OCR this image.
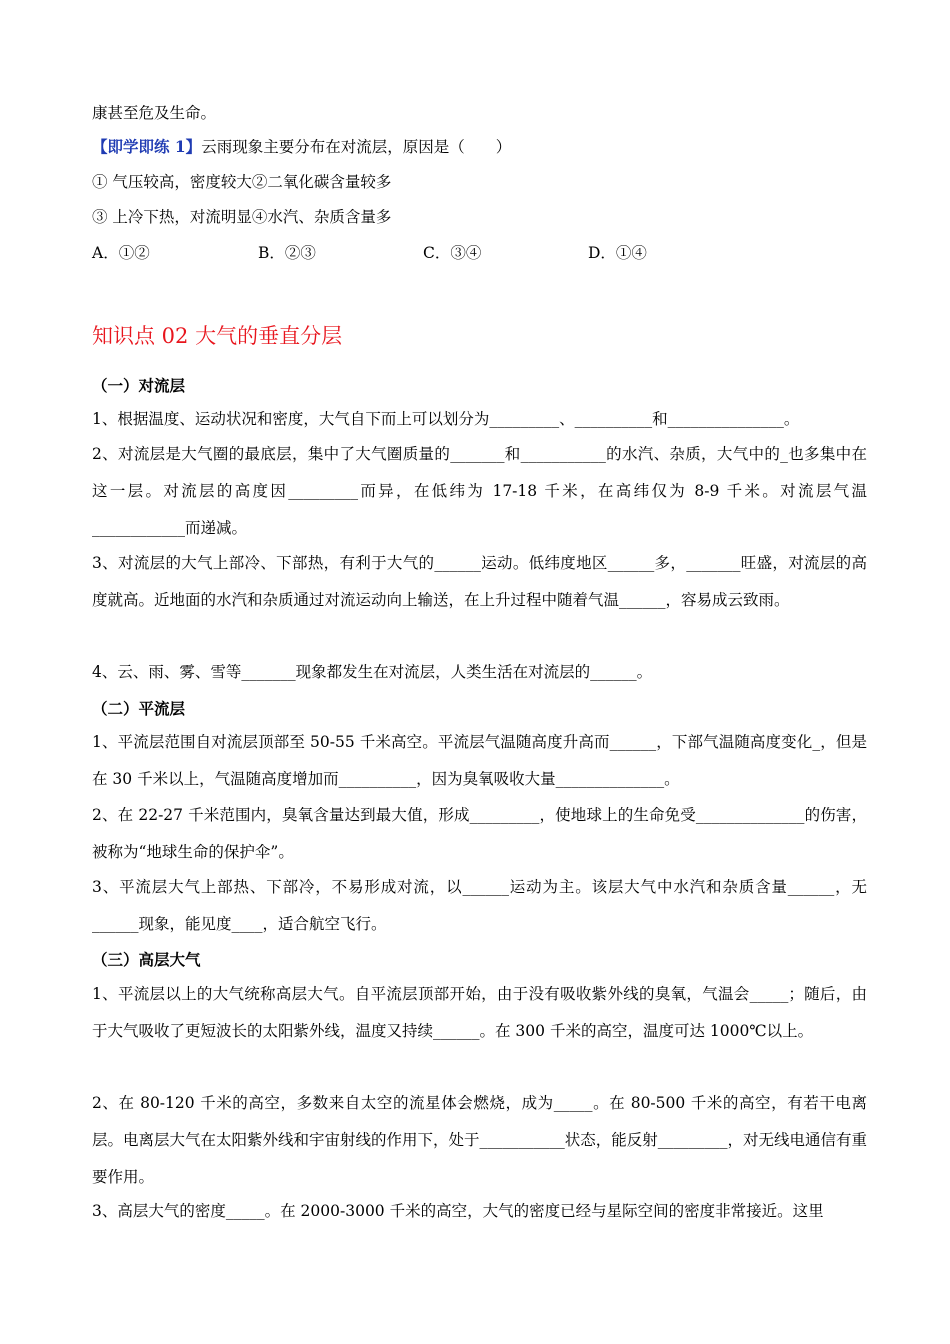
康甚至危及生命。
【即学即练 1】云雨现象主要分布在对流层，原因是（　　）
① 气压较高，密度较大②二氧化碳含量较多
③ 上冷下热，对流明显④水汽、杂质含量多
A．①②	B．②③	C．③④	D．①④
知识点 02 大气的垂直分层
（一）对流层
1、根据温度、运动状况和密度，大气自下而上可以划分为_________、__________和_______________。
2、对流层是大气圈的最底层，集中了大气圈质量的_______和___________的水汽、杂质，大气中的_也多集中在这一层。对流层的高度因_________而异，在低纬为 17-18 千米，在高纬仅为 8-9 千米。对流层气温____________而递减。
3、对流层的大气上部冷、下部热，有利于大气的______运动。低纬度地区______多，_______旺盛，对流层的高度就高。近地面的水汽和杂质通过对流运动向上输送，在上升过程中随着气温______，容易成云致雨。
4、云、雨、雾、雪等_______现象都发生在对流层，人类生活在对流层的______。
（二）平流层
1、平流层范围自对流层顶部至 50-55 千米高空。平流层气温随高度升高而______，下部气温随高度变化_，但是在 30 千米以上，气温随高度增加而__________，因为臭氧吸收大量______________。
2、在 22-27 千米范围内，臭氧含量达到最大值，形成_________，使地球上的生命免受______________的伤害，被称为“地球生命的保护伞”。
3、平流层大气上部热、下部冷，不易形成对流，以______运动为主。该层大气中水汽和杂质含量______，无______现象，能见度____，适合航空飞行。
（三）高层大气
1、平流层以上的大气统称高层大气。自平流层顶部开始，由于没有吸收紫外线的臭氧，气温会_____；随后，由于大气吸收了更短波长的太阳紫外线，温度又持续______。在 300 千米的高空，温度可达 1000℃以上。
2、在 80-120 千米的高空，多数来自太空的流星体会燃烧，成为_____。在 80-500 千米的高空，有若干电离层。电离层大气在太阳紫外线和宇宙射线的作用下，处于___________状态，能反射_________，对无线电通信有重要作用。
3、高层大气的密度_____。在 2000-3000 千米的高空，大气的密度已经与星际空间的密度非常接近。这里
